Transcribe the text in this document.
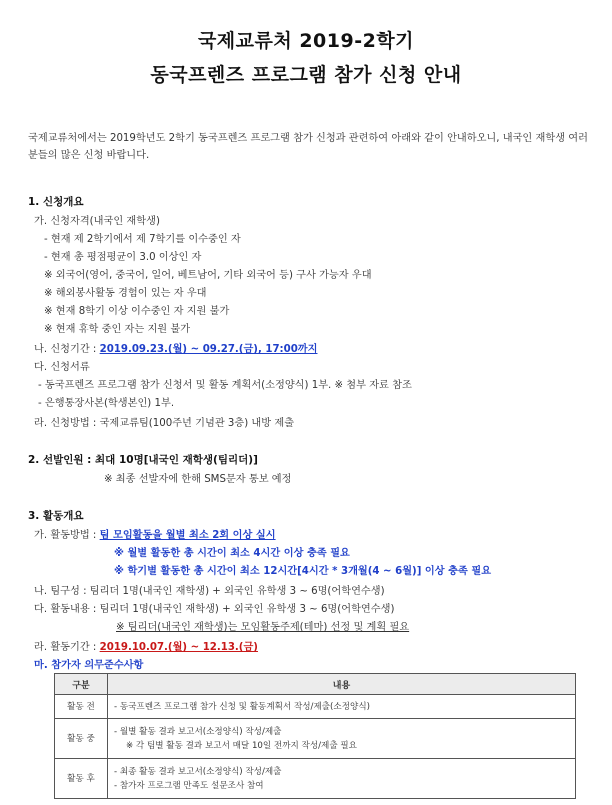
국제교류처 2019-2학기
동국프렌즈 프로그램 참가 신청 안내
국제교류처에서는 2019학년도 2학기 동국프렌즈 프로그램 참가 신청과 관련하여 아래와 같이 안내하오니, 내국인 재학생 여러분들의 많은 신청 바랍니다.
1. 신청개요
가. 신청자격(내국인 재학생)
- 현재 제 2학기에서 제 7학기를 이수중인 자
- 현재 총 평점평균이 3.0 이상인 자
※ 외국어(영어, 중국어, 일어, 베트남어, 기타 외국어 등) 구사 가능자 우대
※ 해외봉사활동 경험이 있는 자 우대
※ 현재 8학기 이상 이수중인 자 지원 불가
※ 현재 휴학 중인 자는 지원 불가
나. 신청기간 : 2019.09.23.(월) ~ 09.27.(금), 17:00까지
다. 신청서류
- 동국프렌즈 프로그램 참가 신청서 및 활동 계획서(소정양식) 1부. ※ 첨부 자료 참조
- 은행통장사본(학생본인) 1부.
라. 신청방법 : 국제교류팀(100주년 기념관 3층) 내방 제출
2. 선발인원 : 최대 10명[내국인 재학생(팀리더)]
※ 최종 선발자에 한해 SMS문자 통보 예정
3. 활동개요
가. 활동방법 : 팀 모임활동을 월별 최소 2회 이상 실시
※ 월별 활동한 총 시간이 최소 4시간 이상 충족 필요
※ 학기별 활동한 총 시간이 최소 12시간[4시간 * 3개월(4 ~ 6월)] 이상 충족 필요
나. 팀구성 : 팀리더 1명(내국인 재학생) + 외국인 유학생 3 ~ 6명(어학연수생)
다. 활동내용 : 팀리더 1명(내국인 재학생) + 외국인 유학생 3 ~ 6명(어학연수생)
※ 팀리더(내국인 재학생)는 모임활동주제(테마) 선정 및 계획 필요
라. 활동기간 : 2019.10.07.(월) ~ 12.13.(금)
마. 참가자 의무준수사항
구분	내용
활동 전	- 동국프렌즈 프로그램 참가 신청 및 활동계획서 작성/제출(소정양식)

활동 중	- 월별 활동 결과 보고서(소정양식) 작성/제출
※ 각 팀별 활동 결과 보고서 매달 10일 전까지 작성/제출 필요

활동 후	- 최종 활동 결과 보고서(소정양식) 작성/제출
- 참가자 프로그램 만족도 설문조사 참여
